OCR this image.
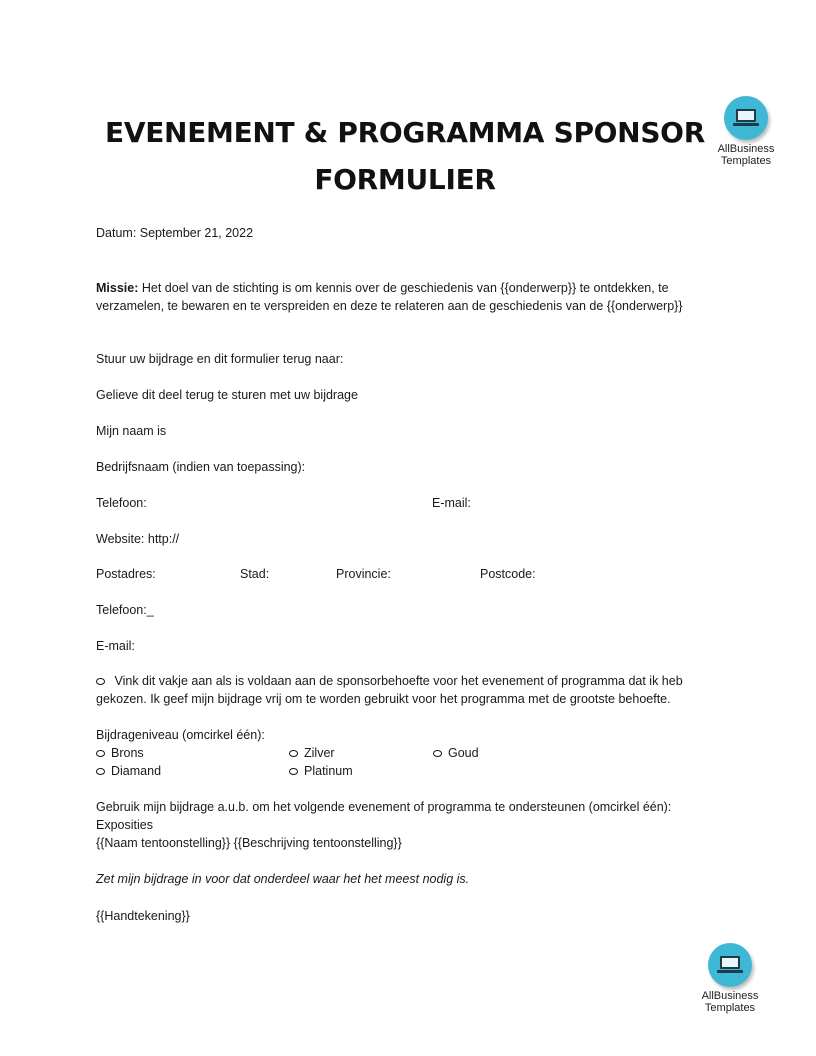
EVENEMENT & PROGRAMMA SPONSOR
FORMULIER
AllBusiness
Templates
Datum: September 21, 2022
Missie: Het doel van de stichting is om kennis over de geschiedenis van {{onderwerp}} te ontdekken, te verzamelen, te bewaren en te verspreiden en deze te relateren aan de geschiedenis van de {{onderwerp}}
Stuur uw bijdrage en dit formulier terug naar:
Gelieve dit deel terug te sturen met uw bijdrage
Mijn naam is
Bedrijfsnaam (indien van toepassing):
Telefoon:	E-mail:
Website: http://
Postadres:	Stad:	Provincie:	Postcode:
Telefoon:_
E-mail:
Vink dit vakje aan als is voldaan aan de sponsorbehoefte voor het evenement of programma dat ik heb gekozen. Ik geef mijn bijdrage vrij om te worden gebruikt voor het programma met de grootste behoefte.
Bijdrageniveau (omcirkel één):
Brons	Zilver	Goud
Diamand	Platinum
Gebruik mijn bijdrage a.u.b. om het volgende evenement of programma te ondersteunen (omcirkel één):
Exposities
{{Naam tentoonstelling}} {{Beschrijving tentoonstelling}}
Zet mijn bijdrage in voor dat onderdeel waar het het meest nodig is.
{{Handtekening}}
AllBusiness
Templates
